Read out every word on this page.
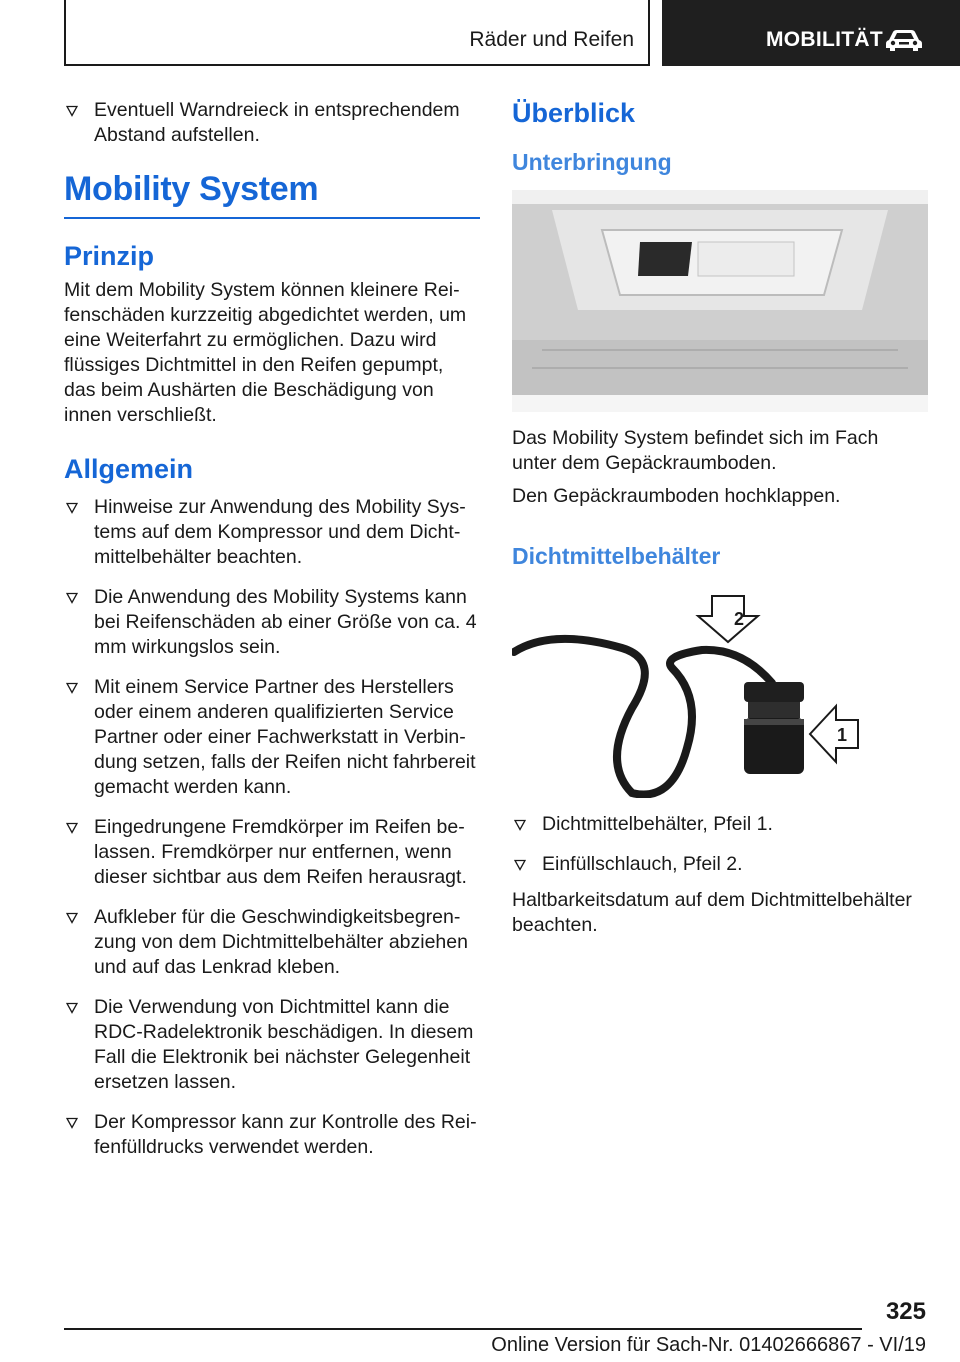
Räder und Reifen	MOBILITÄT
Eventuell Warndreieck in entsprechendem Abstand aufstellen.
Mobility System
Prinzip

Mit dem Mobility System können kleinere Reifenschäden kurzzeitig abgedichtet werden, um eine Weiterfahrt zu ermöglichen. Dazu wird flüssiges Dichtmittel in den Reifen gepumpt, das beim Aushärten die Beschädigung von innen verschließt.

Allgemein
Hinweise zur Anwendung des Mobility Systems auf dem Kompressor und dem Dichtmittelbehälter beachten.
Die Anwendung des Mobility Systems kann bei Reifenschäden ab einer Größe von ca. 4 mm wirkungslos sein.
Mit einem Service Partner des Herstellers oder einem anderen qualifizierten Service Partner oder einer Fachwerkstatt in Verbindung setzen, falls der Reifen nicht fahrbereit gemacht werden kann.
Eingedrungene Fremdkörper im Reifen belassen. Fremdkörper nur entfernen, wenn dieser sichtbar aus dem Reifen herausragt.
Aufkleber für die Geschwindigkeitsbegrenzung von dem Dichtmittelbehälter abziehen und auf das Lenkrad kleben.
Die Verwendung von Dichtmittel kann die RDC-Radelektronik beschädigen. In diesem Fall die Elektronik bei nächster Gelegenheit ersetzen lassen.
Der Kompressor kann zur Kontrolle des Reifenfülldrucks verwendet werden.
Überblick
Unterbringung

Das Mobility System befindet sich im Fach unter dem Gepäckraumboden.

Den Gepäckraumboden hochklappen.

Dichtmittelbehälter
2
1
Dichtmittelbehälter, Pfeil 1.
Einfüllschlauch, Pfeil 2.

Haltbarkeitsdatum auf dem Dichtmittelbehälter beachten.

325
Online Version für Sach-Nr. 01402666867 - VI/19
